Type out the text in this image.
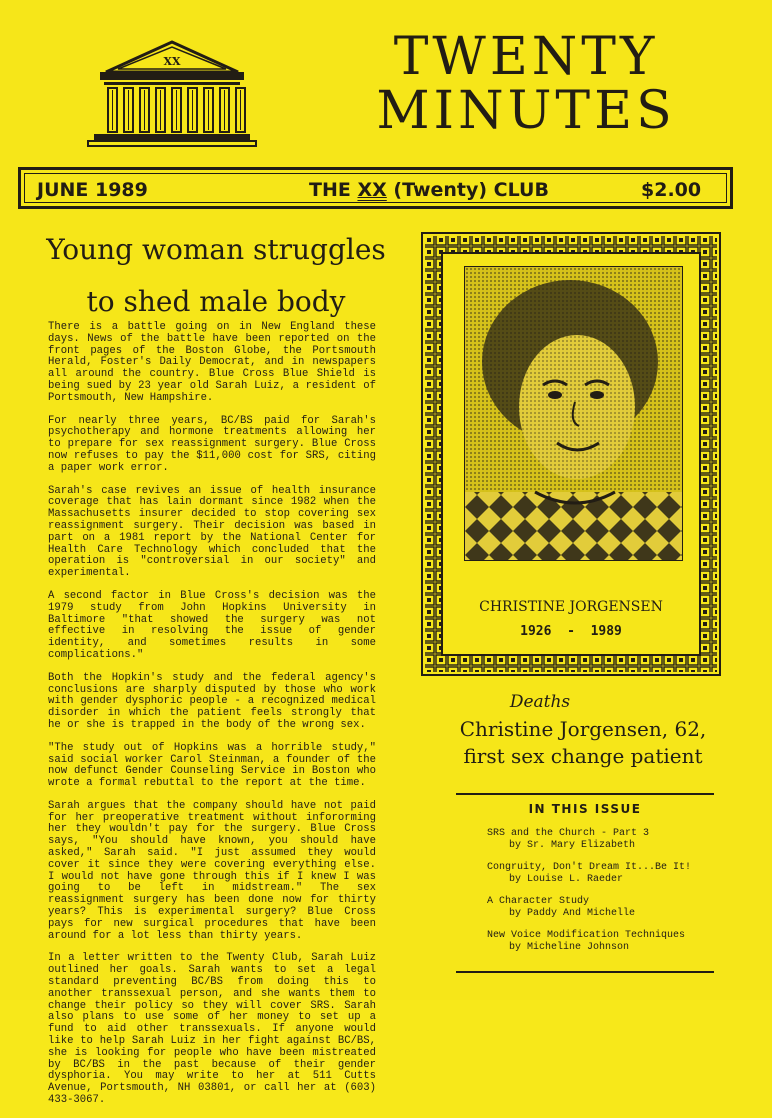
XX	TWENTY
MINUTES
JUNE 1989	THE XX (Twenty) CLUB	$2.00
Young woman struggles
to shed male body

There is a battle going on in New England these days. News of the battle have been reported on the front pages of the Boston Globe, the Portsmouth Herald, Foster's Daily Democrat, and in newspapers all around the country. Blue Cross Blue Shield is being sued by 23 year old Sarah Luiz, a resident of Portsmouth, New Hampshire.

For nearly three years, BC/BS paid for Sarah's psychotherapy and hormone treatments allowing her to prepare for sex reassignment surgery. Blue Cross now refuses to pay the $11,000 cost for SRS, citing a paper work error.

Sarah's case revives an issue of health insurance coverage that has lain dormant since 1982 when the Massachusetts insurer decided to stop covering sex reassignment surgery. Their decision was based in part on a 1981 report by the National Center for Health Care Technology which concluded that the operation is "controversial in our society" and experimental.

A second factor in Blue Cross's decision was the 1979 study from John Hopkins University in Baltimore "that showed the surgery was not effective in resolving the issue of gender identity, and sometimes results in some complications."

Both the Hopkin's study and the federal agency's conclusions are sharply disputed by those who work with gender dysphoric people - a recognized medical disorder in which the patient feels strongly that he or she is trapped in the body of the wrong sex.

"The study out of Hopkins was a horrible study," said social worker Carol Steinman, a founder of the now defunct Gender Counseling Service in Boston who wrote a formal rebuttal to the report at the time.

Sarah argues that the company should have not paid for her preoperative treatment without infororming her they wouldn't pay for the surgery. Blue Cross says, "You should have known, you should have asked," Sarah said. "I just assumed they would cover it since they were covering everything else. I would not have gone through this if I knew I was going to be left in midstream." The sex reassignment surgery has been done now for thirty years? This is experimental surgery? Blue Cross pays for new surgical procedures that have been around for a lot less than thirty years.

In a letter written to the Twenty Club, Sarah Luiz outlined her goals. Sarah wants to set a legal standard preventing BC/BS from doing this to another transsexual person, and she wants them to change their policy so they will cover SRS. Sarah also plans to use some of her money to set up a fund to aid other transsexuals. If anyone would like to help Sarah Luiz in her fight against BC/BS, she is looking for people who have been mistreated by BC/BS in the past because of their gender dysphoria. You may write to her at 511 Cutts Avenue, Portsmouth, NH 03801, or call her at (603) 433-3067.

CHRISTINE JORGENSEN
1926  -  1989
Deaths
Christine Jorgensen, 62,
first sex change patient
IN THIS ISSUE
SRS and the Church - Part 3
by Sr. Mary Elizabeth
Congruity, Don't Dream It...Be It!
by Louise L. Raeder
A Character Study
by Paddy And Michelle
New Voice Modification Techniques
by Micheline Johnson
